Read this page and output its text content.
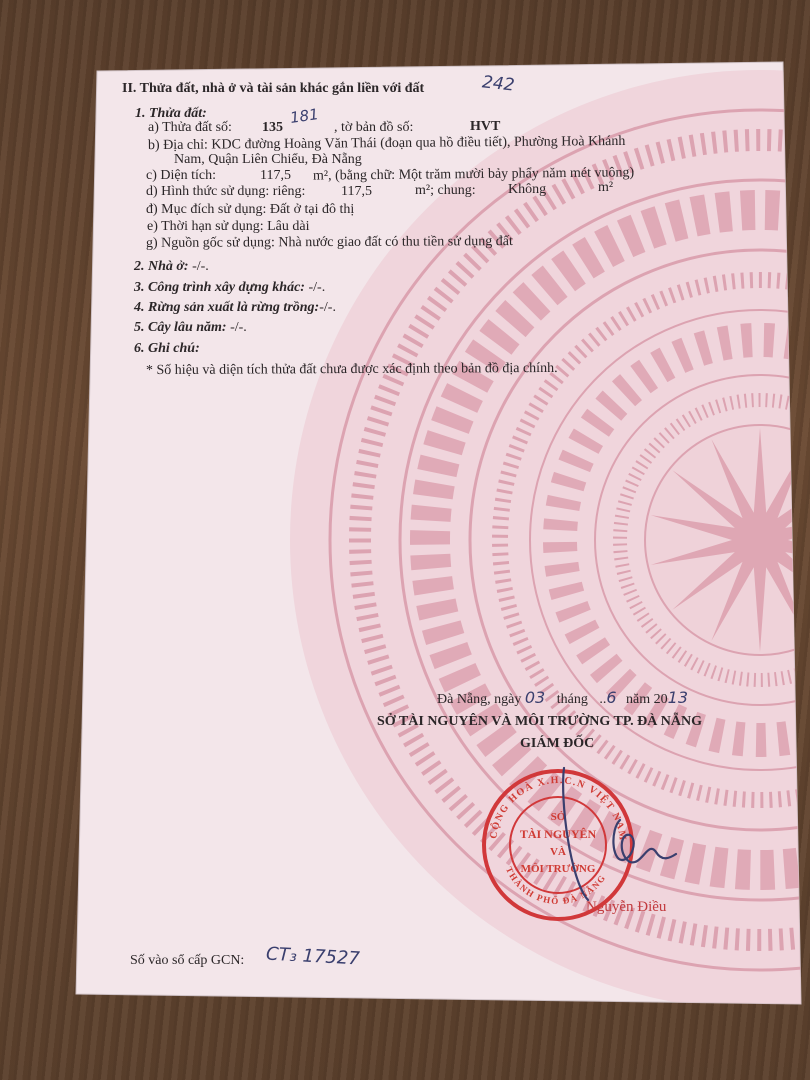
II. Thửa đất, nhà ở và tài sản khác gắn liền với đất	242
1. Thửa đất:
a) Thửa đất số: 135
181
, tờ bản đồ số:	HVT
b) Địa chỉ: KDC đường Hoàng Văn Thái (đoạn qua hồ điều tiết), Phường Hoà Khánh
Nam, Quận Liên Chiểu, Đà Nẵng
c) Diện tích:	117,5 m², (bằng chữ: Một trăm mười bảy phẩy năm mét vuông)
d) Hình thức sử dụng: riêng:	117,5	m²; chung: Không	m²
đ) Mục đích sử dụng: Đất ở tại đô thị
e) Thời hạn sử dụng: Lâu dài
g) Nguồn gốc sử dụng: Nhà nước giao đất có thu tiền sử dụng đất
2. Nhà ở: -/-.
3. Công trình xây dựng khác: -/-.
4. Rừng sản xuất là rừng trồng:-/-.
5. Cây lâu năm: -/-.
6. Ghi chú:
* Số hiệu và diện tích thửa đất chưa được xác định theo bản đồ địa chính.
Đà Nẵng, ngày 03 tháng ..6 năm 2013
SỞ TÀI NGUYÊN VÀ MÔI TRƯỜNG TP. ĐÀ NẴNG
GIÁM ĐỐC
Nguyễn Điều
Số vào sổ cấp GCN: CT₃ 17527
CỘNG HOÀ X.H.C.N VIỆT NAM
THÀNH PHỐ ĐÀ NẴNG
SỞ
TÀI NGUYÊN
VÀ
MÔI TRƯỜNG
